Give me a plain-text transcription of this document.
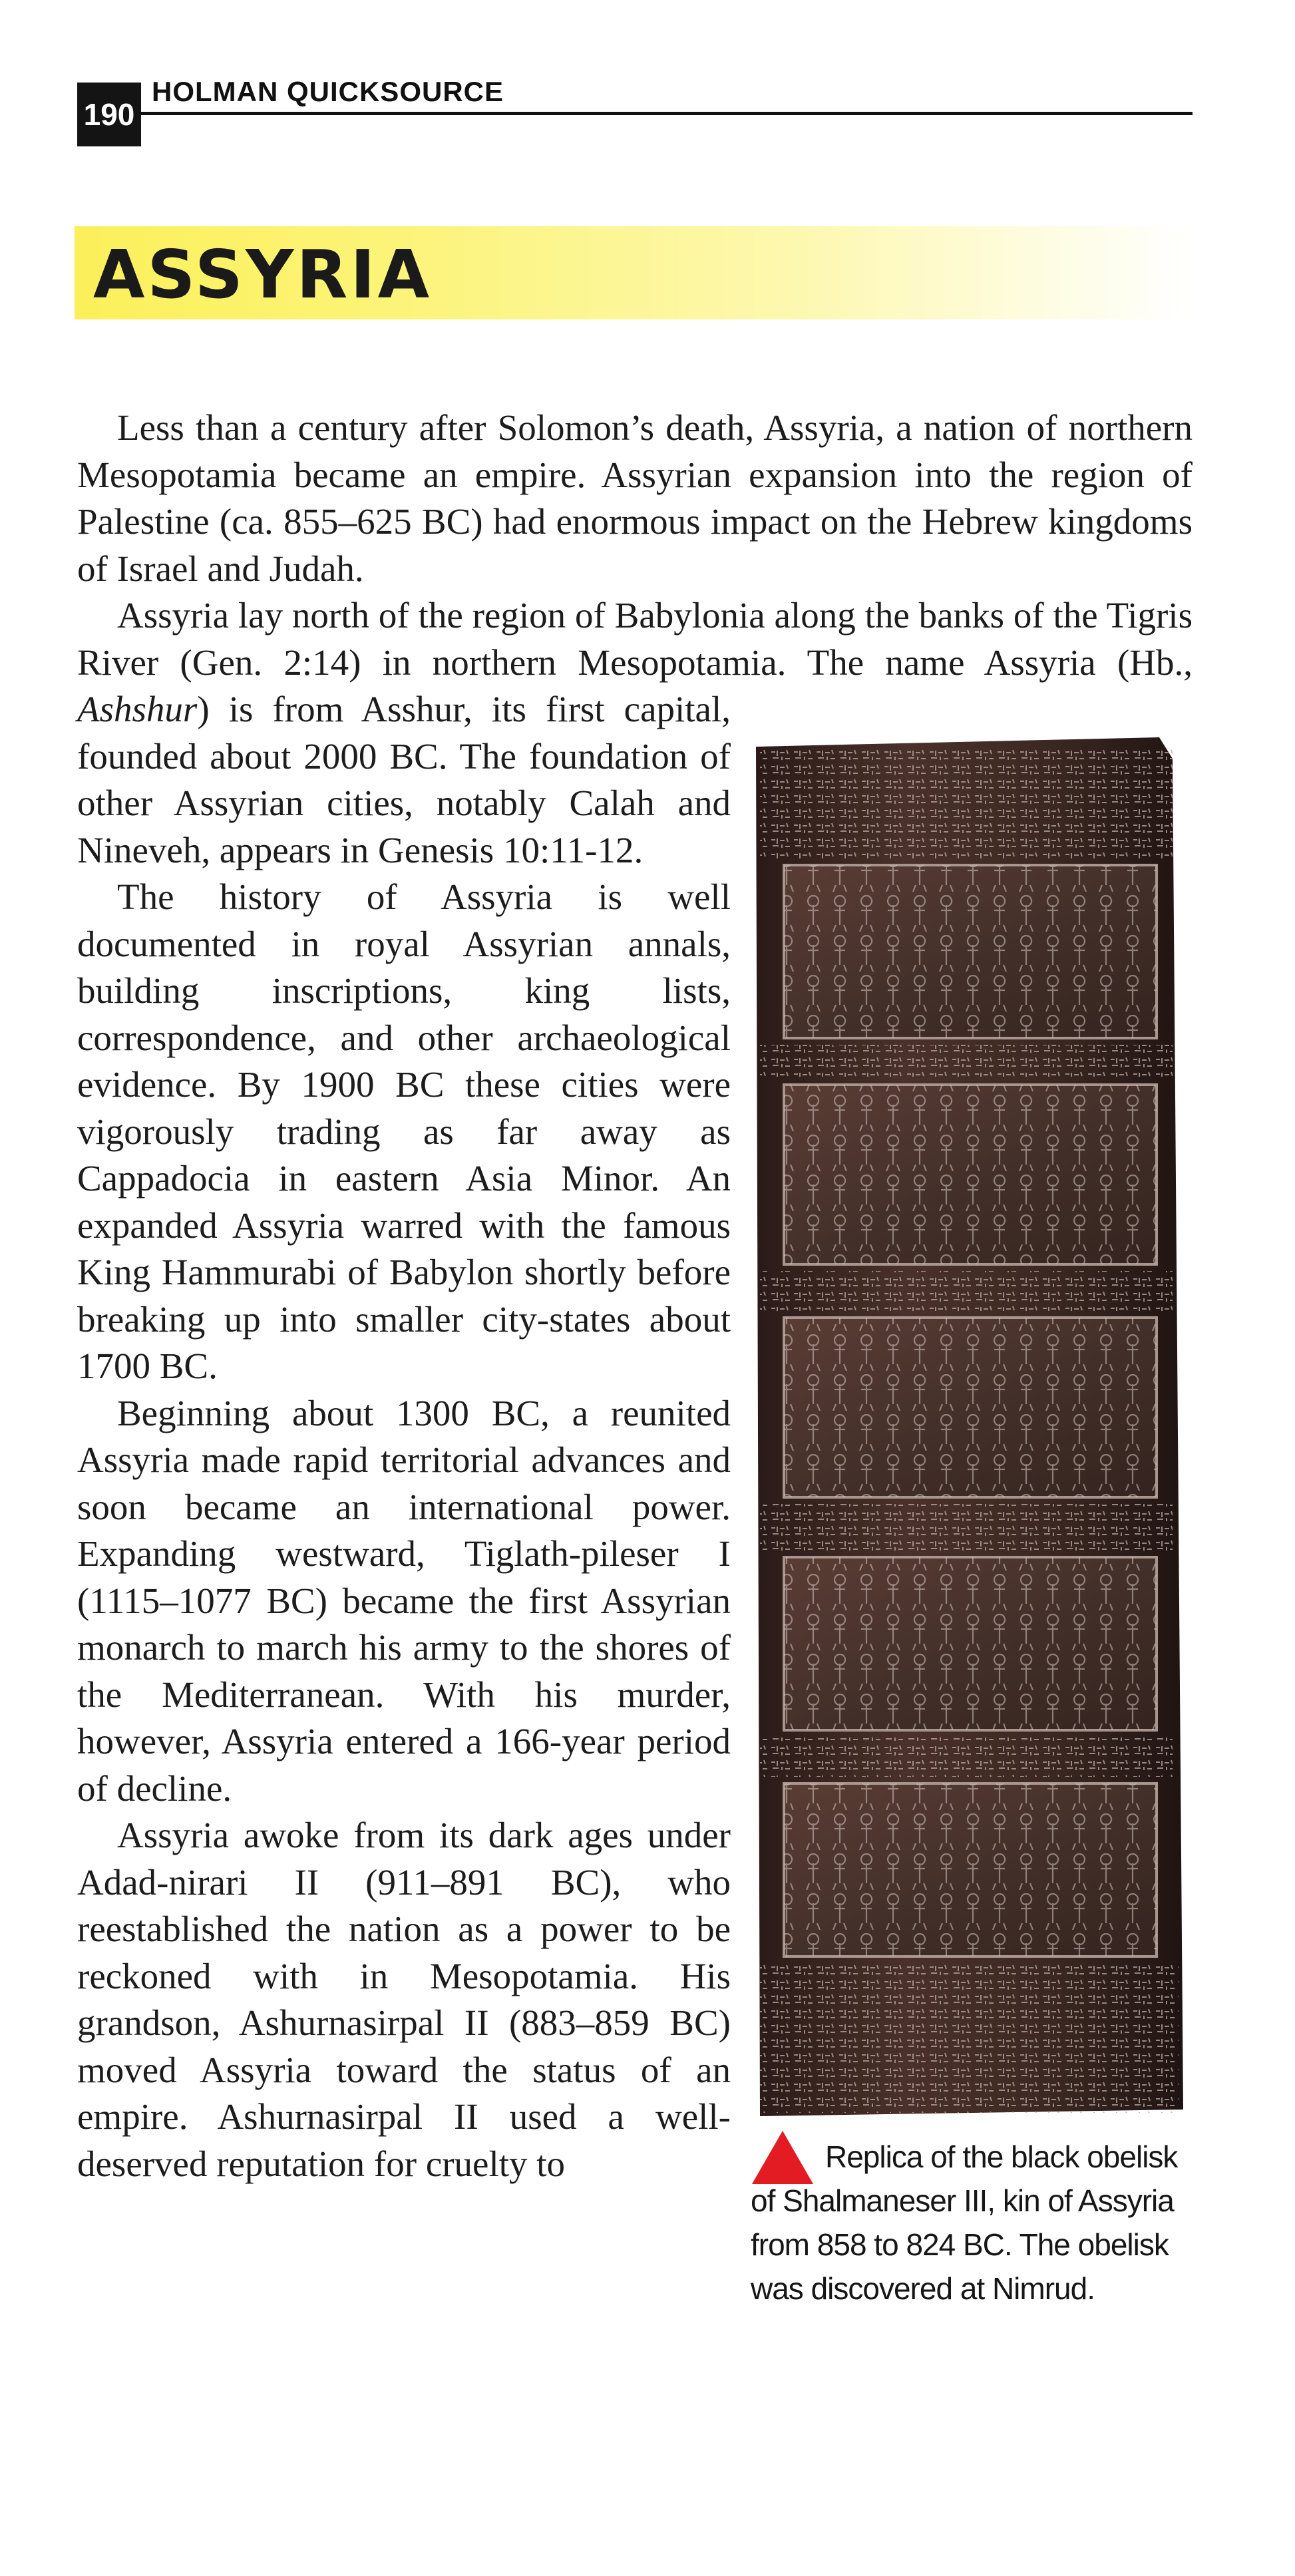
190
HOLMAN QUICKSOURCE
ASSYRIA

Less than a century after Solomon’s death, Assyria, a nation of northern Mesopotamia became an empire. Assyrian expansion into the region of Palestine (ca. 855–625 BC) had enormous impact on the Hebrew kingdoms of Israel and Judah.

Assyria lay north of the region of Babylonia along the banks of the Tigris River (Gen. 2:14) in northern Mesopotamia. The name Assyria (Hb.,
Ashshur) is from Asshur, its first capital, founded about 2000 BC. The foundation of other Assyrian cities, notably Calah and Nineveh, appears in Genesis 10:11-12.

The history of Assyria is well documented in royal Assyrian annals, building inscriptions, king lists, correspondence, and other archaeological evidence. By 1900 BC these cities were vigorously trading as far away as Cappadocia in eastern Asia Minor. An expanded Assyria warred with the famous King Hammurabi of Babylon shortly before breaking up into smaller city-states about 1700 BC.

Beginning about 1300 BC, a reunited Assyria made rapid territorial advances and soon became an international power. Expanding westward, Tiglath-pileser I (1115–1077 BC) became the first Assyrian monarch to march his army to the shores of the Mediterranean. With his murder, however, Assyria entered a 166-year period of decline.

Assyria awoke from its dark ages under Adad-nirari II (911–891 BC), who reestablished the nation as a power to be reckoned with in Mesopotamia. His grandson, Ashurnasirpal II (883–859 BC) moved Assyria toward the status of an empire. Ashurnasirpal II used a well-deserved reputation for cruelty to	Replica of the black obelisk of Shalmaneser III, kin of Assyria from 858 to 824 BC. The obelisk was discovered at Nimrud.
